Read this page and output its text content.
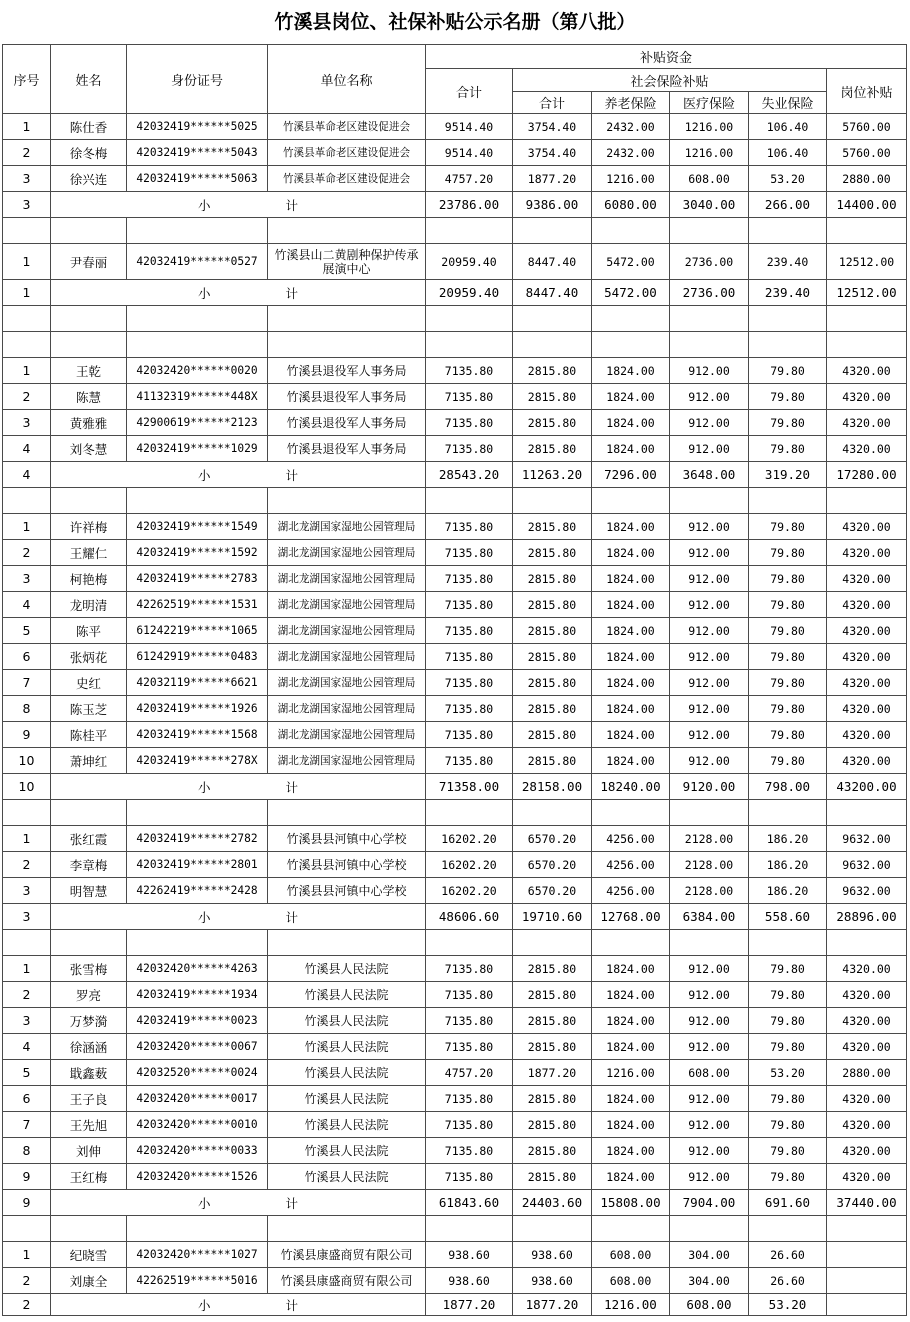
竹溪县岗位、社保补贴公示名册（第八批）
序号	姓名	身份证号	单位名称	补贴资金					
				合计	社会保险补贴				岗位补贴
					合计	养老保险	医疗保险	失业保险	
1	陈仕香	42032419******5025	竹溪县革命老区建设促进会	9514.40	3754.40	2432.00	1216.00	106.40	5760.00
2	徐冬梅	42032419******5043	竹溪县革命老区建设促进会	9514.40	3754.40	2432.00	1216.00	106.40	5760.00
3	徐兴连	42032419******5063	竹溪县革命老区建设促进会	4757.20	1877.20	1216.00	608.00	53.20	2880.00
3	小 计			23786.00	9386.00	6080.00	3040.00	266.00	14400.00

1	尹春丽	42032419******0527	竹溪县山二黄剧种保护传承展演中心	20959.40	8447.40	5472.00	2736.00	239.40	12512.00
1	小 计			20959.40	8447.40	5472.00	2736.00	239.40	12512.00

1	王乾	42032420******0020	竹溪县退役军人事务局	7135.80	2815.80	1824.00	912.00	79.80	4320.00
2	陈慧	41132319******448X	竹溪县退役军人事务局	7135.80	2815.80	1824.00	912.00	79.80	4320.00
3	黄雅雅	42900619******2123	竹溪县退役军人事务局	7135.80	2815.80	1824.00	912.00	79.80	4320.00
4	刘冬慧	42032419******1029	竹溪县退役军人事务局	7135.80	2815.80	1824.00	912.00	79.80	4320.00
4	小 计			28543.20	11263.20	7296.00	3648.00	319.20	17280.00

1	许祥梅	42032419******1549	湖北龙湖国家湿地公园管理局	7135.80	2815.80	1824.00	912.00	79.80	4320.00
2	王耀仁	42032419******1592	湖北龙湖国家湿地公园管理局	7135.80	2815.80	1824.00	912.00	79.80	4320.00
3	柯艳梅	42032419******2783	湖北龙湖国家湿地公园管理局	7135.80	2815.80	1824.00	912.00	79.80	4320.00
4	龙明清	42262519******1531	湖北龙湖国家湿地公园管理局	7135.80	2815.80	1824.00	912.00	79.80	4320.00
5	陈平	61242219******1065	湖北龙湖国家湿地公园管理局	7135.80	2815.80	1824.00	912.00	79.80	4320.00
6	张炳花	61242919******0483	湖北龙湖国家湿地公园管理局	7135.80	2815.80	1824.00	912.00	79.80	4320.00
7	史红	42032119******6621	湖北龙湖国家湿地公园管理局	7135.80	2815.80	1824.00	912.00	79.80	4320.00
8	陈玉芝	42032419******1926	湖北龙湖国家湿地公园管理局	7135.80	2815.80	1824.00	912.00	79.80	4320.00
9	陈桂平	42032419******1568	湖北龙湖国家湿地公园管理局	7135.80	2815.80	1824.00	912.00	79.80	4320.00
10	萧坤红	42032419******278X	湖北龙湖国家湿地公园管理局	7135.80	2815.80	1824.00	912.00	79.80	4320.00
10	小 计			71358.00	28158.00	18240.00	9120.00	798.00	43200.00

1	张红霞	42032419******2782	竹溪县县河镇中心学校	16202.20	6570.20	4256.00	2128.00	186.20	9632.00
2	李章梅	42032419******2801	竹溪县县河镇中心学校	16202.20	6570.20	4256.00	2128.00	186.20	9632.00
3	明智慧	42262419******2428	竹溪县县河镇中心学校	16202.20	6570.20	4256.00	2128.00	186.20	9632.00
3	小 计			48606.60	19710.60	12768.00	6384.00	558.60	28896.00

1	张雪梅	42032420******4263	竹溪县人民法院	7135.80	2815.80	1824.00	912.00	79.80	4320.00
2	罗亮	42032419******1934	竹溪县人民法院	7135.80	2815.80	1824.00	912.00	79.80	4320.00
3	万梦漪	42032419******0023	竹溪县人民法院	7135.80	2815.80	1824.00	912.00	79.80	4320.00
4	徐涵涵	42032420******0067	竹溪县人民法院	7135.80	2815.80	1824.00	912.00	79.80	4320.00
5	戢鑫薮	42032520******0024	竹溪县人民法院	4757.20	1877.20	1216.00	608.00	53.20	2880.00
6	王子良	42032420******0017	竹溪县人民法院	7135.80	2815.80	1824.00	912.00	79.80	4320.00
7	王先旭	42032420******0010	竹溪县人民法院	7135.80	2815.80	1824.00	912.00	79.80	4320.00
8	刘伸	42032420******0033	竹溪县人民法院	7135.80	2815.80	1824.00	912.00	79.80	4320.00
9	王红梅	42032420******1526	竹溪县人民法院	7135.80	2815.80	1824.00	912.00	79.80	4320.00
9	小 计			61843.60	24403.60	15808.00	7904.00	691.60	37440.00

1	纪晓雪	42032420******1027	竹溪县康盛商贸有限公司	938.60	938.60	608.00	304.00	26.60	
2	刘康全	42262519******5016	竹溪县康盛商贸有限公司	938.60	938.60	608.00	304.00	26.60	
2	小 计			1877.20	1877.20	1216.00	608.00	53.20	
